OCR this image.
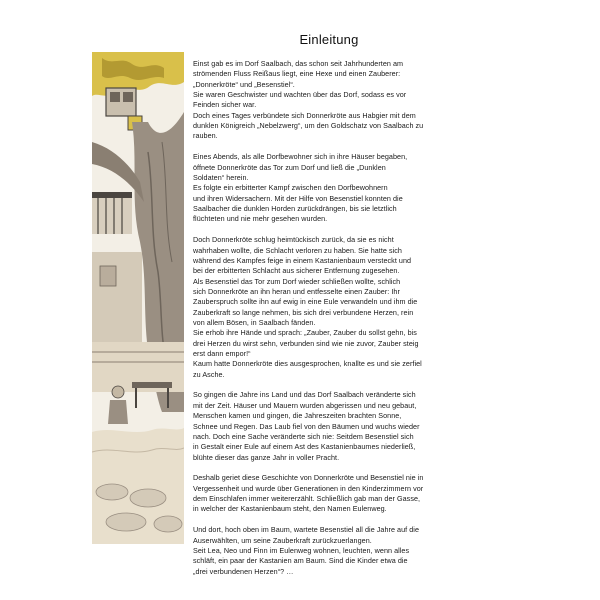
Einleitung
Einst gab es im Dorf Saalbach, das schon seit Jahrhunderten am
strömenden Fluss Reißaus liegt, eine Hexe und einen Zauberer:
„Donnerkröte“ und „Besenstiel“.
Sie waren Geschwister und wachten über das Dorf, sodass es vor
Feinden sicher war.
Doch eines Tages verbündete sich Donnerkröte aus Habgier mit dem
dunklen Königreich „Nebelzwerg“, um den Goldschatz von Saalbach zu
rauben.
Eines Abends, als alle Dorfbewohner sich in ihre Häuser begaben,
öffnete Donnerkröte das Tor zum Dorf und ließ die „Dunklen
Soldaten“ herein.
Es folgte ein erbitterter Kampf zwischen den Dorfbewohnern
und ihren Widersachern. Mit der Hilfe von Besenstiel konnten die
Saalbacher die dunklen Horden zurückdrängen, bis sie letztlich
flüchteten und nie mehr gesehen wurden.
Doch Donnerkröte schlug heimtückisch zurück, da sie es nicht
wahrhaben wollte, die Schlacht verloren zu haben. Sie hatte sich
während des Kampfes feige in einem Kastanienbaum versteckt und
bei der erbitterten Schlacht aus sicherer Entfernung zugesehen.
Als Besenstiel das Tor zum Dorf wieder schließen wollte, schlich
sich Donnerkröte an ihn heran und entfesselte einen Zauber: Ihr
Zauberspruch sollte ihn auf ewig in eine Eule verwandeln und ihm die
Zauberkraft so lange nehmen, bis sich drei verbundene Herzen, rein
von allem Bösen, in Saalbach fänden.
Sie erhob ihre Hände und sprach: „Zauber, Zauber du sollst gehn, bis
drei Herzen du wirst sehn, verbunden sind wie nie zuvor, Zauber steig
erst dann empor!“
Kaum hatte Donnerkröte dies ausgesprochen, knallte es und sie zerfiel
zu Asche.
So gingen die Jahre ins Land und das Dorf Saalbach veränderte sich
mit der Zeit. Häuser und Mauern wurden abgerissen und neu gebaut,
Menschen kamen und gingen, die Jahreszeiten brachten Sonne,
Schnee und Regen. Das Laub fiel von den Bäumen und wuchs wieder
nach. Doch eine Sache veränderte sich nie: Seitdem Besenstiel sich
in Gestalt einer Eule auf einem Ast des Kastanienbaumes niederließ,
blühte dieser das ganze Jahr in voller Pracht.
Deshalb geriet diese Geschichte von Donnerkröte und Besenstiel nie in
Vergessenheit und wurde über Generationen in den Kinderzimmern vor
dem Einschlafen immer weitererzählt. Schließlich gab man der Gasse,
in welcher der Kastanienbaum steht, den Namen Eulenweg.
Und dort, hoch oben im Baum, wartete Besenstiel all die Jahre auf die
Auserwählten, um seine Zauberkraft zurückzuerlangen.
Seit Lea, Neo und Finn im Eulenweg wohnen, leuchten, wenn alles
schläft, ein paar der Kastanien am Baum. Sind die Kinder etwa die
„drei verbundenen Herzen“? …
